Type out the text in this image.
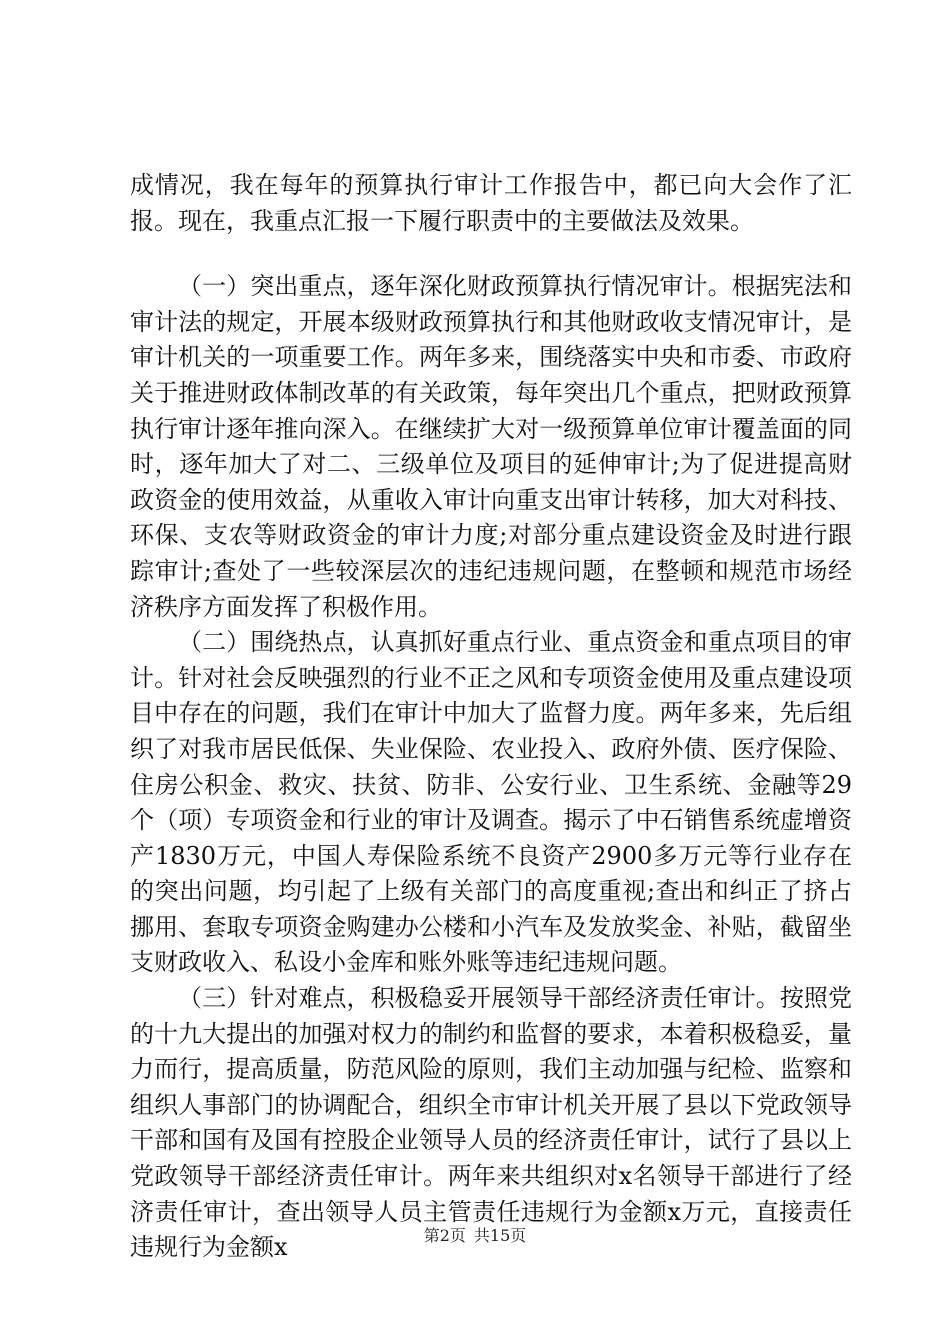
成情况，我在每年的预算执行审计工作报告中，都已向大会作了汇报。现在，我重点汇报一下履行职责中的主要做法及效果。

（一）突出重点，逐年深化财政预算执行情况审计。根据宪法和审计法的规定，开展本级财政预算执行和其他财政收支情况审计，是审计机关的一项重要工作。两年多来，围绕落实中央和市委、市政府关于推进财政体制改革的有关政策，每年突出几个重点，把财政预算执行审计逐年推向深入。在继续扩大对一级预算单位审计覆盖面的同时，逐年加大了对二、三级单位及项目的延伸审计;为了促进提高财政资金的使用效益，从重收入审计向重支出审计转移，加大对科技、环保、支农等财政资金的审计力度;对部分重点建设资金及时进行跟踪审计;查处了一些较深层次的违纪违规问题，在整顿和规范市场经济秩序方面发挥了积极作用。

（二）围绕热点，认真抓好重点行业、重点资金和重点项目的审计。针对社会反映强烈的行业不正之风和专项资金使用及重点建设项目中存在的问题，我们在审计中加大了监督力度。两年多来，先后组织了对我市居民低保、失业保险、农业投入、政府外债、医疗保险、住房公积金、救灾、扶贫、防非、公安行业、卫生系统、金融等29个（项）专项资金和行业的审计及调查。揭示了中石销售系统虚增资产1830万元，中国人寿保险系统不良资产2900多万元等行业存在的突出问题，均引起了上级有关部门的高度重视;查出和纠正了挤占挪用、套取专项资金购建办公楼和小汽车及发放奖金、补贴，截留坐支财政收入、私设小金库和账外账等违纪违规问题。

（三）针对难点，积极稳妥开展领导干部经济责任审计。按照党的十九大提出的加强对权力的制约和监督的要求，本着积极稳妥，量力而行，提高质量，防范风险的原则，我们主动加强与纪检、监察和组织人事部门的协调配合，组织全市审计机关开展了县以下党政领导干部和国有及国有控股企业领导人员的经济责任审计，试行了县以上党政领导干部经济责任审计。两年来共组织对x名领导干部进行了经济责任审计，查出领导人员主管责任违规行为金额x万元，直接责任违规行为金额x	第2页 共15页
